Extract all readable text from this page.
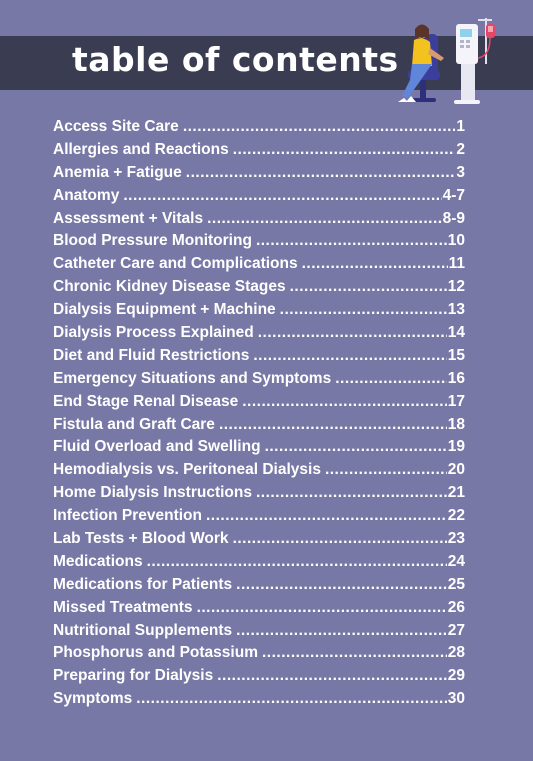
table of contents
Access Site Care .....	1
Allergies and Reactions .....	2
Anemia + Fatigue .....	3
Anatomy .....	4-7
Assessment + Vitals .....	8-9
Blood Pressure Monitoring .....	10
Catheter Care and Complications .....	11
Chronic Kidney Disease Stages .....	12
Dialysis Equipment + Machine .....	13
Dialysis Process Explained .....	14
Diet and Fluid Restrictions .....	15
Emergency Situations and Symptoms .....	16
End Stage Renal Disease .....	17
Fistula and Graft Care .....	18
Fluid Overload and Swelling .....	19
Hemodialysis vs. Peritoneal Dialysis .....	20
Home Dialysis Instructions .....	21
Infection Prevention .....	22
Lab Tests + Blood Work .....	23
Medications .....	24
Medications for Patients .....	25
Missed Treatments .....	26
Nutritional Supplements .....	27
Phosphorus and Potassium .....	28
Preparing for Dialysis .....	29
Symptoms .....	30
